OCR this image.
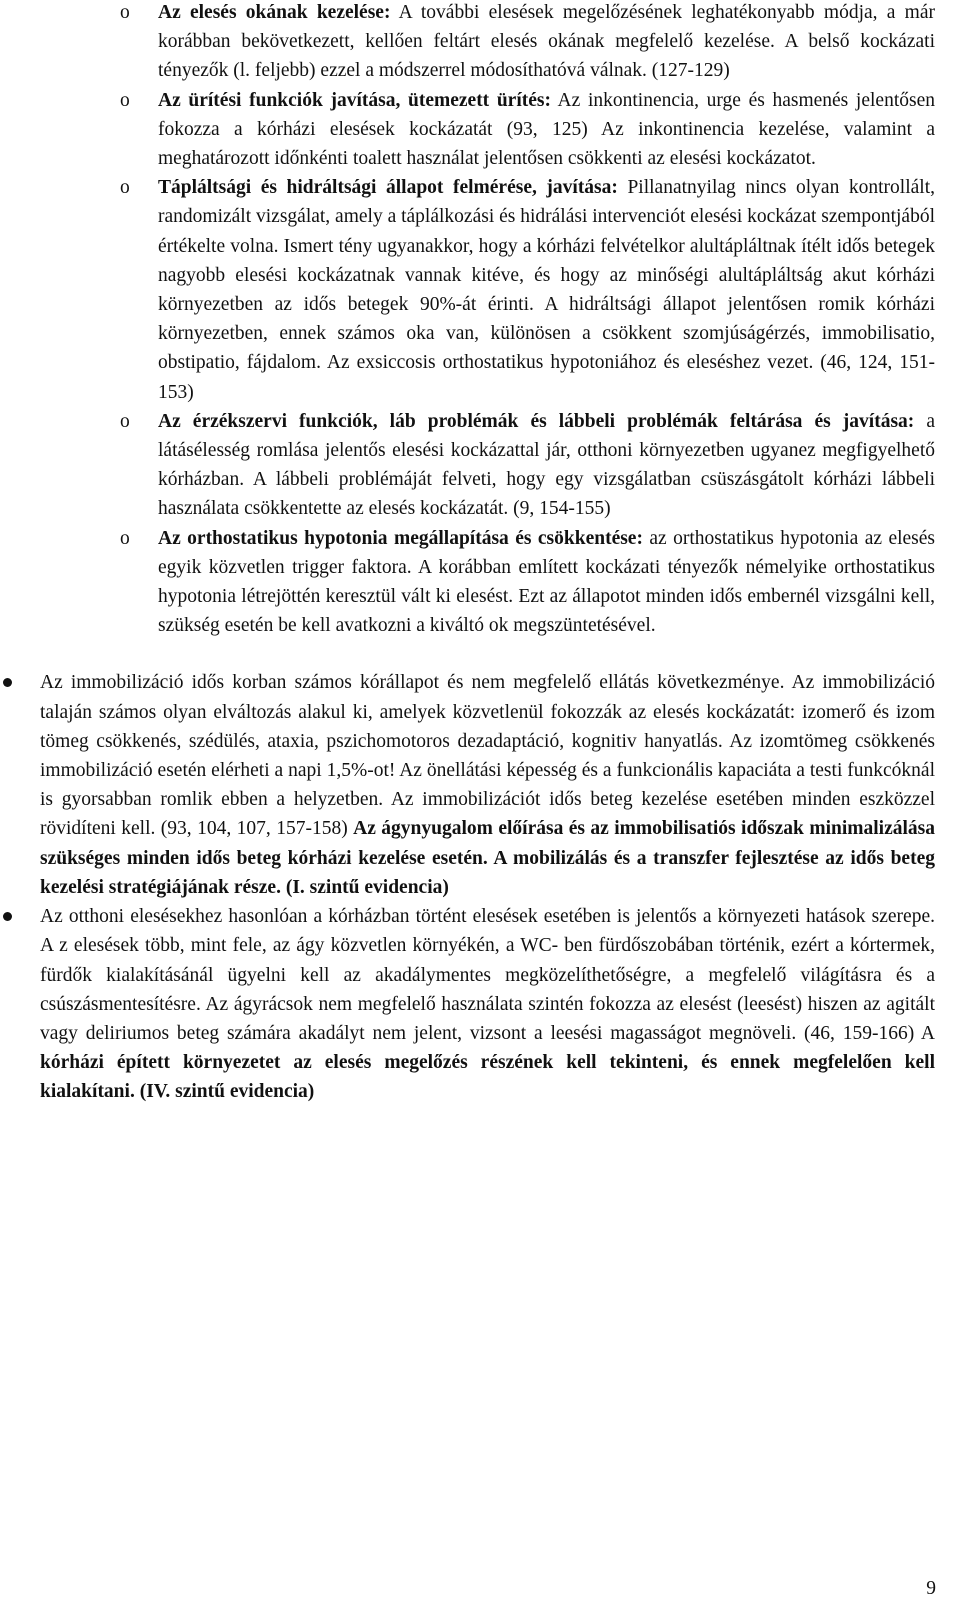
o Az elesés okának kezelése: A további elesések megelőzésének leghatékonyabb módja, a már korábban bekövetkezett, kellően feltárt elesés okának megfelelő kezelése. A belső kockázati tényezők (l. feljebb) ezzel a módszerrel módosíthatóvá válnak. (127-129)
o Az ürítési funkciók javítása, ütemezett ürítés: Az inkontinencia, urge és hasmenés jelentősen fokozza a kórházi elesések kockázatát (93, 125) Az inkontinencia kezelése, valamint a meghatározott időnkénti toalett használat jelentősen csökkenti az elesési kockázatot.
o Tápláltsági és hidráltsági állapot felmérése, javítása: Pillanatnyilag nincs olyan kontrollált, randomizált vizsgálat, amely a táplálkozási és hidrálási intervenciót elesési kockázat szempontjából értékelte volna. Ismert tény ugyanakkor, hogy a kórházi felvételkor alultápláltnak ítélt idős betegek nagyobb elesési kockázatnak vannak kitéve, és hogy az minőségi alultápláltság akut kórházi környezetben az idős betegek 90%-át érinti. A hidráltsági állapot jelentősen romik kórházi környezetben, ennek számos oka van, különösen a csökkent szomjúságérzés, immobilisatio, obstipatio, fájdalom. Az exsiccosis orthostatikus hypotoniához és eleséshez vezet. (46, 124, 151-153)
o Az érzékszervi funkciók, láb problémák és lábbeli problémák feltárása és javítása: a látásélesség romlása jelentős elesési kockázattal jár, otthoni környezetben ugyanez megfigyelhető kórházban. A lábbeli problémáját felveti, hogy egy vizsgálatban csüszásgátolt kórházi lábbeli használata csökkentette az elesés kockázatát. (9, 154-155)
o Az orthostatikus hypotonia megállapítása és csökkentése: az orthostatikus hypotonia az elesés egyik közvetlen trigger faktora. A korábban említett kockázati tényezők némelyike orthostatikus hypotonia létrejöttén keresztül vált ki elesést. Ezt az állapotot minden idős embernél vizsgálni kell, szükség esetén be kell avatkozni a kiváltó ok megszüntetésével.
Az immobilizáció idős korban számos kórállapot és nem megfelelő ellátás következménye. Az immobilizáció talaján számos olyan elváltozás alakul ki, amelyek közvetlenül fokozzák az elesés kockázatát: izomerő és izom tömeg csökkenés, szédülés, ataxia, pszichomotoros dezadaptáció, kognitiv hanyatlás. Az izomtömeg csökkenés immobilizáció esetén elérheti a napi 1,5%-ot! Az önellátási képesség és a funkcionális kapaciáta a testi funkcóknál is gyorsabban romlik ebben a helyzetben. Az immobilizációt idős beteg kezelése esetében minden eszközzel rövidíteni kell. (93, 104, 107, 157-158) Az ágynyugalom előírása és az immobilisatiós időszak minimalizálása szükséges minden idős beteg kórházi kezelése esetén. A mobilizálás és a transzfer fejlesztése az idős beteg kezelési stratégiájának része. (I. szintű evidencia)
Az otthoni elesésekhez hasonlóan a kórházban történt elesések esetében is jelentős a környezeti hatások szerepe. A z elesések több, mint fele, az ágy közvetlen környékén, a WC- ben fürdőszobában történik, ezért a kórtermek, fürdők kialakításánál ügyelni kell az akadálymentes megközelíthetőségre, a megfelelő világításra és a csúszásmentesítésre. Az ágyrácsok nem megfelelő használata szintén fokozza az elesést (leesést) hiszen az agitált vagy deliriumos beteg számára akadályt nem jelent, vizsont a leesési magasságot megnöveli. (46, 159-166) A kórházi épített környezetet az elesés megelőzés részének kell tekinteni, és ennek megfelelően kell kialakítani. (IV. szintű evidencia)
9
